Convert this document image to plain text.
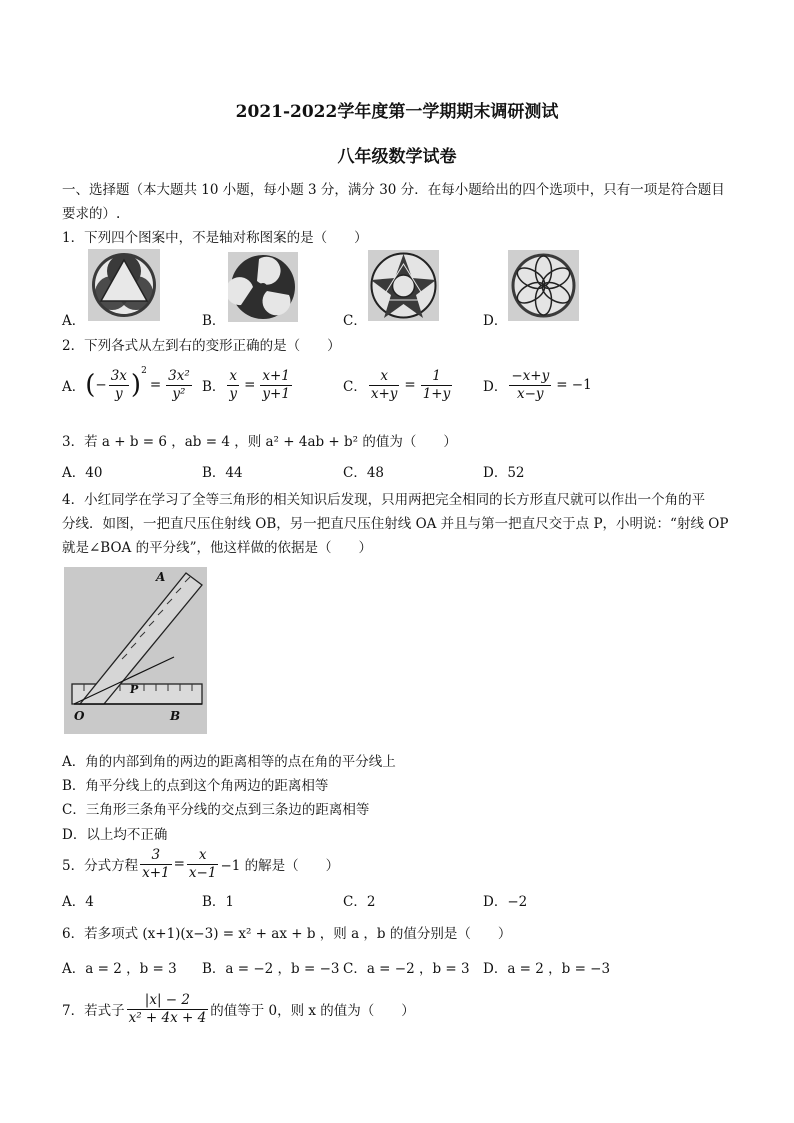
2021-2022学年度第一学期期末调研测试
八年级数学试卷
一、选择题（本大题共 10 小题，每小题 3 分，满分 30 分．在每小题给出的四个选项中，只有一项是符合题目
要求的）.
1．下列四个图案中，不是轴对称图案的是（　　）
A．	B．	C．	D．
2．下列各式从左到右的变形正确的是（　　）
A． ( − $\frac{3x}{y} )^2$
= $\frac{\text{3x²}}{\text{y²}}$ B． $\frac{x}{y} = \frac{x+1}{y+1}$	C． $\frac{x}{x+y} = \frac{1}{1+y}$ D． $\frac{-x+y}{x-y} = -1$
3．若 a + b = 6 ，ab = 4 ，则 a² + 4ab + b² 的值为（　　）
A．40	B．44	C．48	D．52
4．小红同学在学习了全等三角形的相关知识后发现，只用两把完全相同的长方形直尺就可以作出一个角的平
分线．如图，一把直尺压住射线 OB，另一把直尺压住射线 OA 并且与第一把直尺交于点 P，小明说：“射线 OP
就是∠BOA 的平分线”，他这样做的依据是（　　）
A
O	B
P
A．角的内部到角的两边的距离相等的点在角的平分线上
B．角平分线上的点到这个角两边的距离相等
C．三角形三条角平分线的交点到三条边的距离相等
D．以上均不正确
5．分式方程 $\frac{3}{x+1} = \frac{x}{x-1} -1$ 的解是（　　）
A．4	B．1	C．2	D．−2
6．若多项式 (x+1)(x−3) = x² + ax + b ，则 a ，b 的值分别是（　　）
A．a = 2 ，b = 3 B．a = −2 ，b = −3 C．a = −2 ，b = 3 D．a = 2 ，b = −3
7．若式子 $\frac{|x| - 2}{\text{x² + 4x + 4}}$ 的值等于 0，则 x 的值为（　　）
